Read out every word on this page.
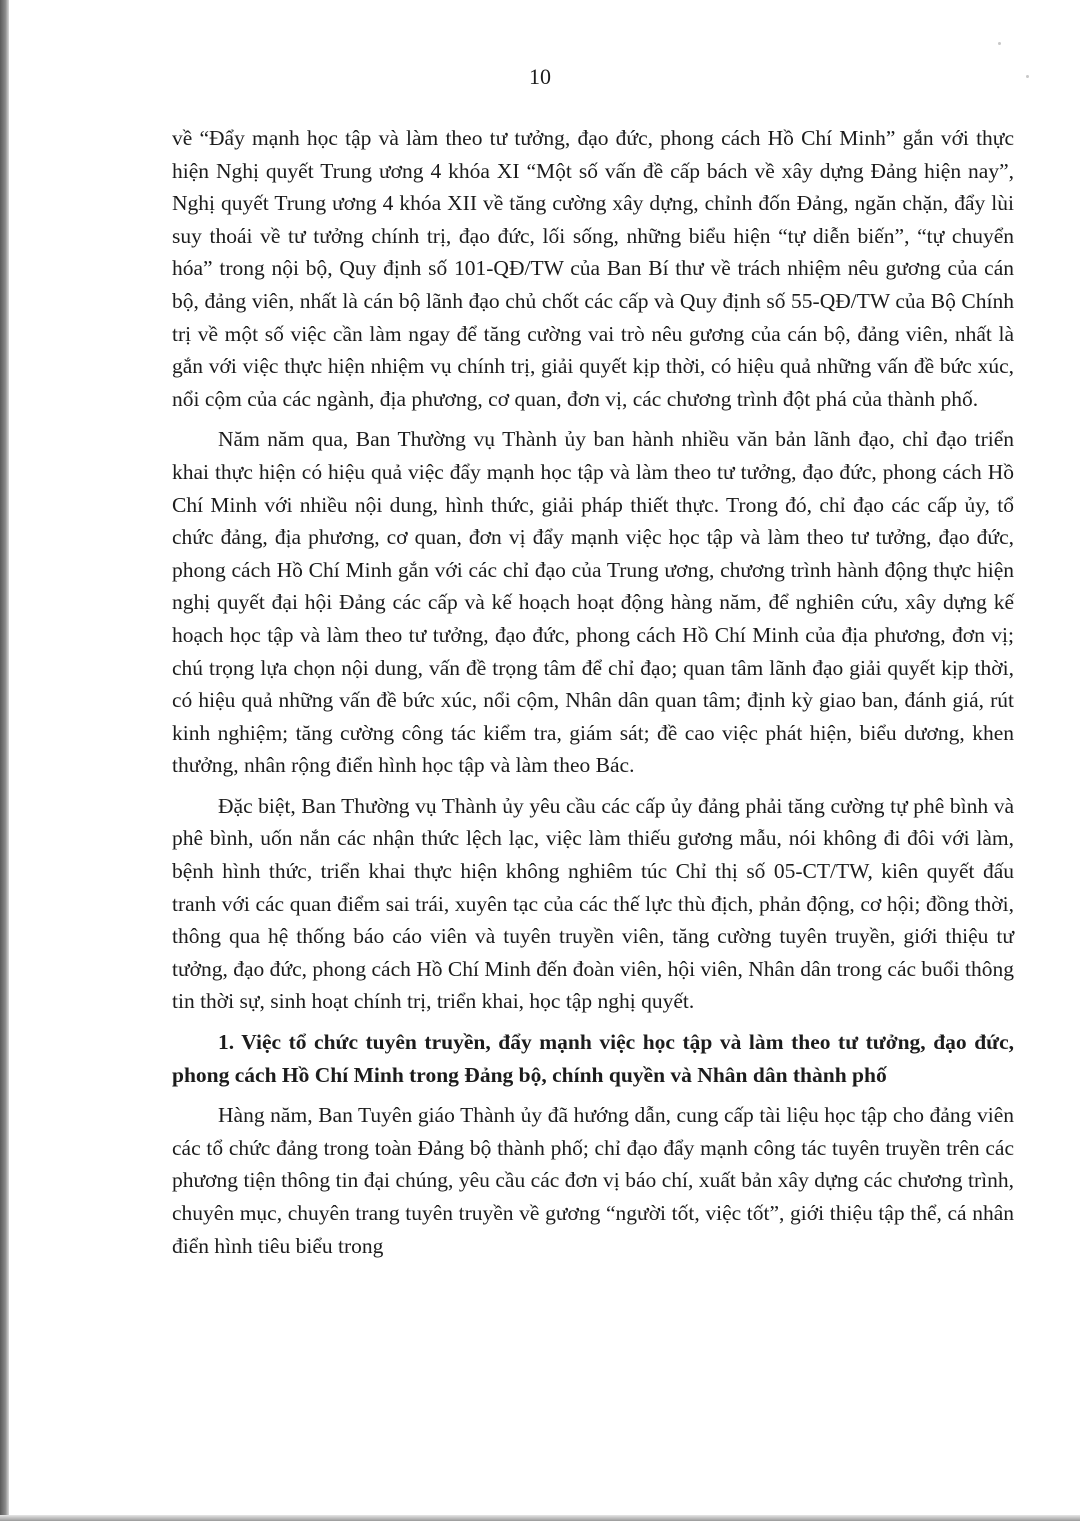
10

về “Đẩy mạnh học tập và làm theo tư tưởng, đạo đức, phong cách Hồ Chí Minh” gắn với thực hiện Nghị quyết Trung ương 4 khóa XI “Một số vấn đề cấp bách về xây dựng Đảng hiện nay”, Nghị quyết Trung ương 4 khóa XII về tăng cường xây dựng, chỉnh đốn Đảng, ngăn chặn, đẩy lùi suy thoái về tư tưởng chính trị, đạo đức, lối sống, những biểu hiện “tự diễn biến”, “tự chuyển hóa” trong nội bộ, Quy định số 101-QĐ/TW của Ban Bí thư về trách nhiệm nêu gương của cán bộ, đảng viên, nhất là cán bộ lãnh đạo chủ chốt các cấp và Quy định số 55-QĐ/TW của Bộ Chính trị về một số việc cần làm ngay để tăng cường vai trò nêu gương của cán bộ, đảng viên, nhất là gắn với việc thực hiện nhiệm vụ chính trị, giải quyết kịp thời, có hiệu quả những vấn đề bức xúc, nổi cộm của các ngành, địa phương, cơ quan, đơn vị, các chương trình đột phá của thành phố.

Năm năm qua, Ban Thường vụ Thành ủy ban hành nhiều văn bản lãnh đạo, chỉ đạo triển khai thực hiện có hiệu quả việc đẩy mạnh học tập và làm theo tư tưởng, đạo đức, phong cách Hồ Chí Minh với nhiều nội dung, hình thức, giải pháp thiết thực. Trong đó, chỉ đạo các cấp ủy, tổ chức đảng, địa phương, cơ quan, đơn vị đẩy mạnh việc học tập và làm theo tư tưởng, đạo đức, phong cách Hồ Chí Minh gắn với các chỉ đạo của Trung ương, chương trình hành động thực hiện nghị quyết đại hội Đảng các cấp và kế hoạch hoạt động hàng năm, để nghiên cứu, xây dựng kế hoạch học tập và làm theo tư tưởng, đạo đức, phong cách Hồ Chí Minh của địa phương, đơn vị; chú trọng lựa chọn nội dung, vấn đề trọng tâm để chỉ đạo; quan tâm lãnh đạo giải quyết kịp thời, có hiệu quả những vấn đề bức xúc, nổi cộm, Nhân dân quan tâm; định kỳ giao ban, đánh giá, rút kinh nghiệm; tăng cường công tác kiểm tra, giám sát; đề cao việc phát hiện, biểu dương, khen thưởng, nhân rộng điển hình học tập và làm theo Bác.

Đặc biệt, Ban Thường vụ Thành ủy yêu cầu các cấp ủy đảng phải tăng cường tự phê bình và phê bình, uốn nắn các nhận thức lệch lạc, việc làm thiếu gương mẫu, nói không đi đôi với làm, bệnh hình thức, triển khai thực hiện không nghiêm túc Chỉ thị số 05-CT/TW, kiên quyết đấu tranh với các quan điểm sai trái, xuyên tạc của các thế lực thù địch, phản động, cơ hội; đồng thời, thông qua hệ thống báo cáo viên và tuyên truyền viên, tăng cường tuyên truyền, giới thiệu tư tưởng, đạo đức, phong cách Hồ Chí Minh đến đoàn viên, hội viên, Nhân dân trong các buổi thông tin thời sự, sinh hoạt chính trị, triển khai, học tập nghị quyết.

1. Việc tổ chức tuyên truyền, đẩy mạnh việc học tập và làm theo tư tưởng, đạo đức, phong cách Hồ Chí Minh trong Đảng bộ, chính quyền và Nhân dân thành phố

Hàng năm, Ban Tuyên giáo Thành ủy đã hướng dẫn, cung cấp tài liệu học tập cho đảng viên các tổ chức đảng trong toàn Đảng bộ thành phố; chỉ đạo đẩy mạnh công tác tuyên truyền trên các phương tiện thông tin đại chúng, yêu cầu các đơn vị báo chí, xuất bản xây dựng các chương trình, chuyên mục, chuyên trang tuyên truyền về gương “người tốt, việc tốt”, giới thiệu tập thể, cá nhân điển hình tiêu biểu trong
